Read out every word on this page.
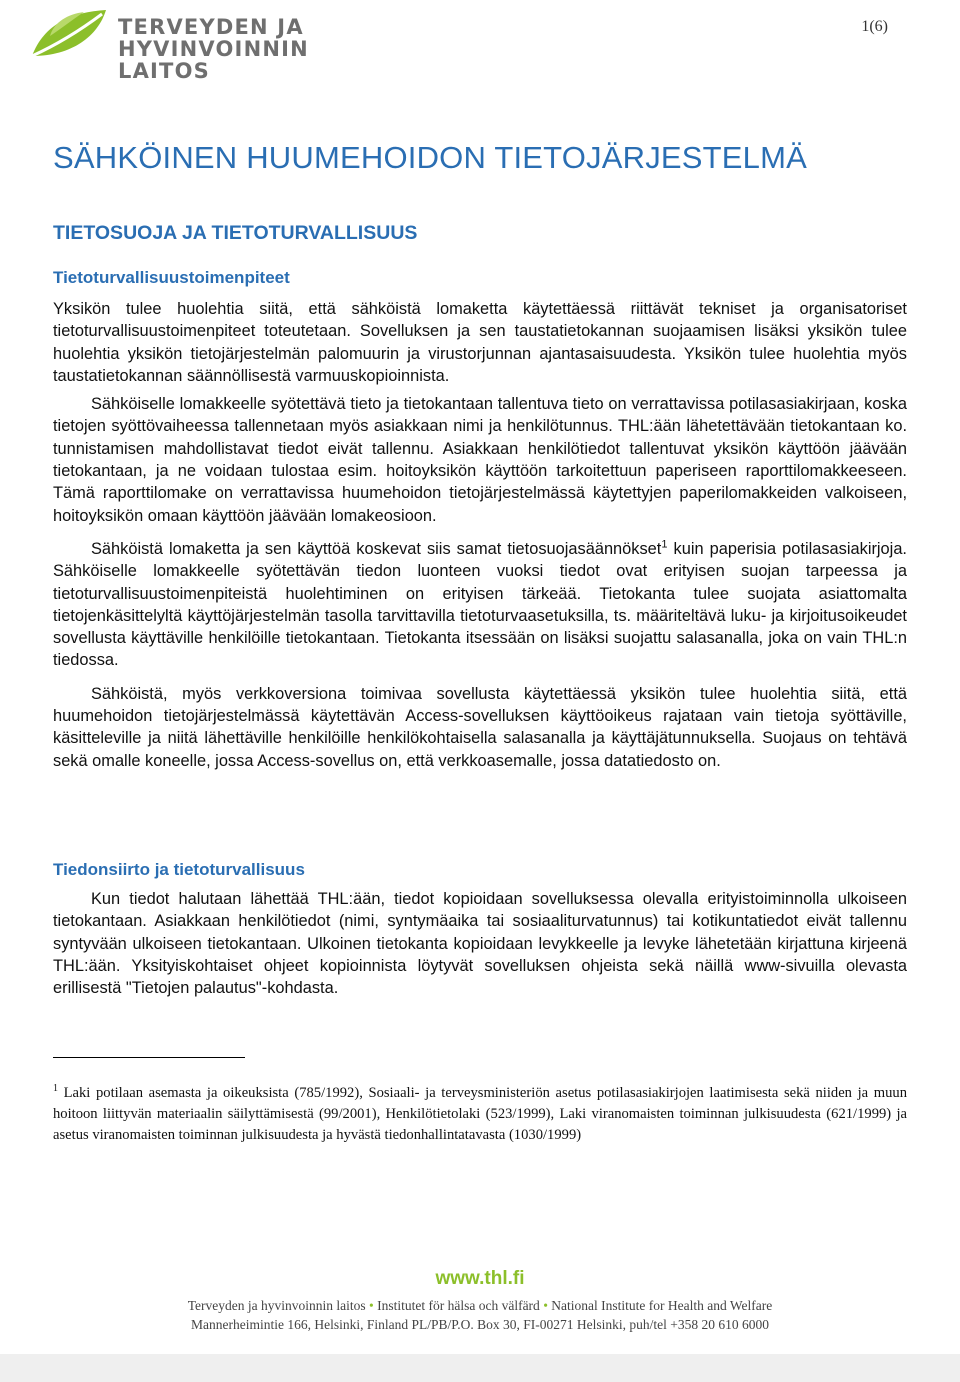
TERVEYDEN JA
HYVINVOINNIN LAITOS
1(6)
SÄHKÖINEN HUUMEHOIDON TIETOJÄRJESTELMÄ
TIETOSUOJA JA TIETOTURVALLISUUS
Tietoturvallisuustoimenpiteet

Yksikön tulee huolehtia siitä, että sähköistä lomaketta käytettäessä riittävät tekniset ja organisatoriset tietoturvallisuustoimenpiteet toteutetaan. Sovelluksen ja sen taustatietokannan suojaamisen lisäksi yksikön tulee huolehtia yksikön tietojärjestelmän palomuurin ja virustorjunnan ajantasaisuudesta. Yksikön tulee huolehtia myös taustatietokannan säännöllisestä varmuuskopioinnista.

Sähköiselle lomakkeelle syötettävä tieto ja tietokantaan tallentuva tieto on verrattavissa potilasasiakirjaan, koska tietojen syöttövaiheessa tallennetaan myös asiakkaan nimi ja henkilötunnus. THL:ään lähetettävään tietokantaan ko. tunnistamisen mahdollistavat tiedot eivät tallennu. Asiakkaan henkilötiedot tallentuvat yksikön käyttöön jäävään tietokantaan, ja ne voidaan tulostaa esim. hoitoyksikön käyttöön tarkoitettuun paperiseen raporttilomakkeeseen. Tämä raporttilomake on verrattavissa huumehoidon tietojärjestelmässä käytettyjen paperilomakkeiden valkoiseen, hoitoyksikön omaan käyttöön jäävään lomakeosioon.

Sähköistä lomaketta ja sen käyttöä koskevat siis samat tietosuojasäännökset$^1$ kuin paperisia potilasasiakirjoja. Sähköiselle lomakkeelle syötettävän tiedon luonteen vuoksi tiedot ovat erityisen suojan tarpeessa ja tietoturvallisuustoimenpiteistä huolehtiminen on erityisen tärkeää. Tietokanta tulee suojata asiattomalta tietojenkäsittelyltä käyttöjärjestelmän tasolla tarvittavilla tietoturvaasetuksilla, ts. määriteltävä luku- ja kirjoitusoikeudet sovellusta käyttäville henkilöille tietokantaan. Tietokanta itsessään on lisäksi suojattu salasanalla, joka on vain THL:n tiedossa.

Sähköistä, myös verkkoversiona toimivaa sovellusta käytettäessä yksikön tulee huolehtia siitä, että huumehoidon tietojärjestelmässä käytettävän Access-sovelluksen käyttöoikeus rajataan vain tietoja syöttäville, käsitteleville ja niitä lähettäville henkilöille henkilökohtaisella salasanalla ja käyttäjätunnuksella. Suojaus on tehtävä sekä omalle koneelle, jossa Access-sovellus on, että verkkoasemalle, jossa datatiedosto on.

Tiedonsiirto ja tietoturvallisuus

Kun tiedot halutaan lähettää THL:ään, tiedot kopioidaan sovelluksessa olevalla erityistoiminnolla ulkoiseen tietokantaan. Asiakkaan henkilötiedot (nimi, syntymäaika tai sosiaaliturvatunnus) tai kotikuntatiedot eivät tallennu syntyvään ulkoiseen tietokantaan. Ulkoinen tietokanta kopioidaan levykkeelle ja levyke lähetetään kirjattuna kirjeenä THL:ään. Yksityiskohtaiset ohjeet kopioinnista löytyvät sovelluksen ohjeista sekä näillä www-sivuilla olevasta erillisestä "Tietojen palautus"-kohdasta.

$^1$ Laki potilaan asemasta ja oikeuksista (785/1992), Sosiaali- ja terveysministeriön asetus potilasasiakirjojen laatimisesta sekä niiden ja muun hoitoon liittyvän materiaalin säilyttämisestä (99/2001), Henkilötietolaki (523/1999), Laki viranomaisten toiminnan julkisuudesta (621/1999) ja asetus viranomaisten toiminnan julkisuudesta ja hyvästä tiedonhallintatavasta (1030/1999)

www.thl.fi
Terveyden ja hyvinvoinnin laitos • Institutet för hälsa och välfärd • National Institute for Health and Welfare
Mannerheimintie 166, Helsinki, Finland PL/PB/P.O. Box 30, FI-00271 Helsinki, puh/tel +358 20 610 6000
